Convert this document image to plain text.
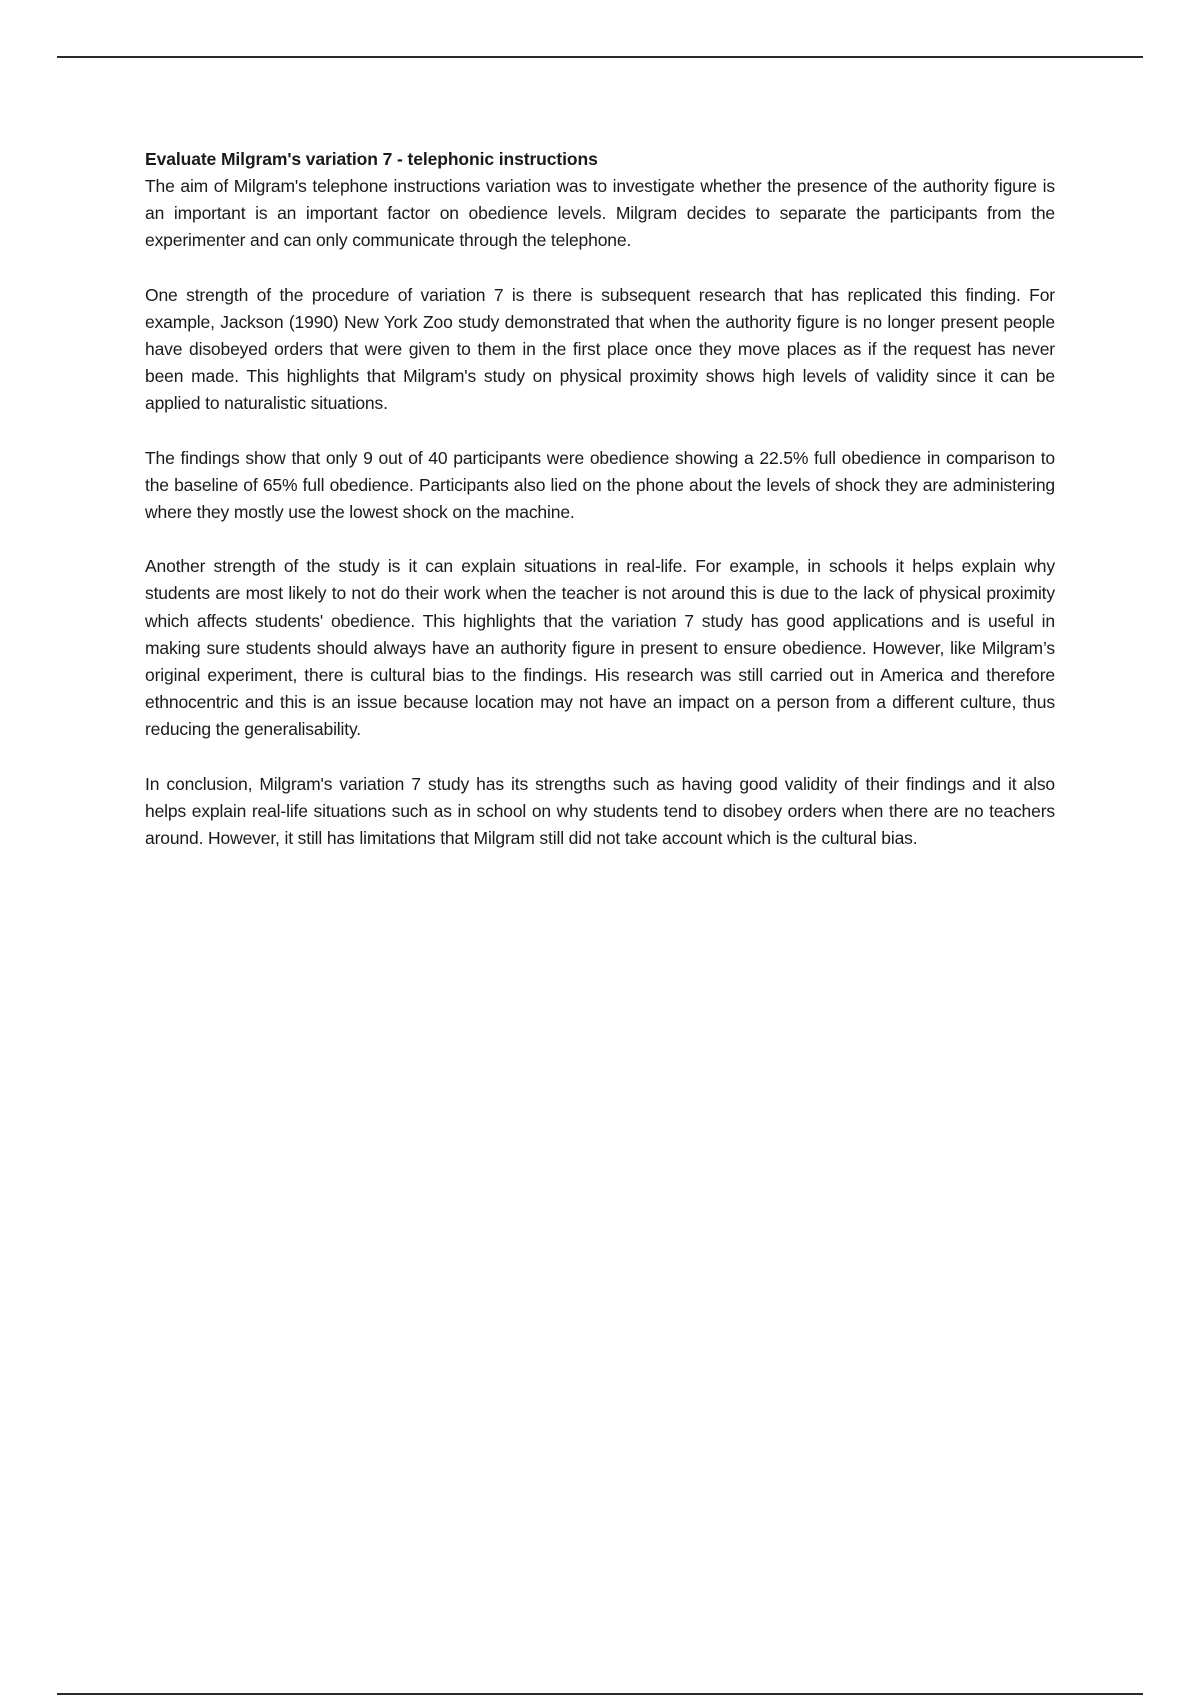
Evaluate Milgram's variation 7 - telephonic instructions

The aim of Milgram's telephone instructions variation was to investigate whether the presence of the authority figure is an important is an important factor on obedience levels. Milgram decides to separate the participants from the experimenter and can only communicate through the telephone.

One strength of the procedure of variation 7 is there is subsequent research that has replicated this finding. For example, Jackson (1990) New York Zoo study demonstrated that when the authority figure is no longer present people have disobeyed orders that were given to them in the first place once they move places as if the request has never been made. This highlights that Milgram's study on physical proximity shows high levels of validity since it can be applied to naturalistic situations.

The findings show that only 9 out of 40 participants were obedience showing a 22.5% full obedience in comparison to the baseline of 65% full obedience. Participants also lied on the phone about the levels of shock they are administering where they mostly use the lowest shock on the machine.

Another strength of the study is it can explain situations in real-life. For example, in schools it helps explain why students are most likely to not do their work when the teacher is not around this is due to the lack of physical proximity which affects students' obedience. This highlights that the variation 7 study has good applications and is useful in making sure students should always have an authority figure in present to ensure obedience. However, like Milgram’s original experiment, there is cultural bias to the findings. His research was still carried out in America and therefore ethnocentric and this is an issue because location may not have an impact on a person from a different culture, thus reducing the generalisability.

In conclusion, Milgram's variation 7 study has its strengths such as having good validity of their findings and it also helps explain real-life situations such as in school on why students tend to disobey orders when there are no teachers around. However, it still has limitations that Milgram still did not take account which is the cultural bias.
